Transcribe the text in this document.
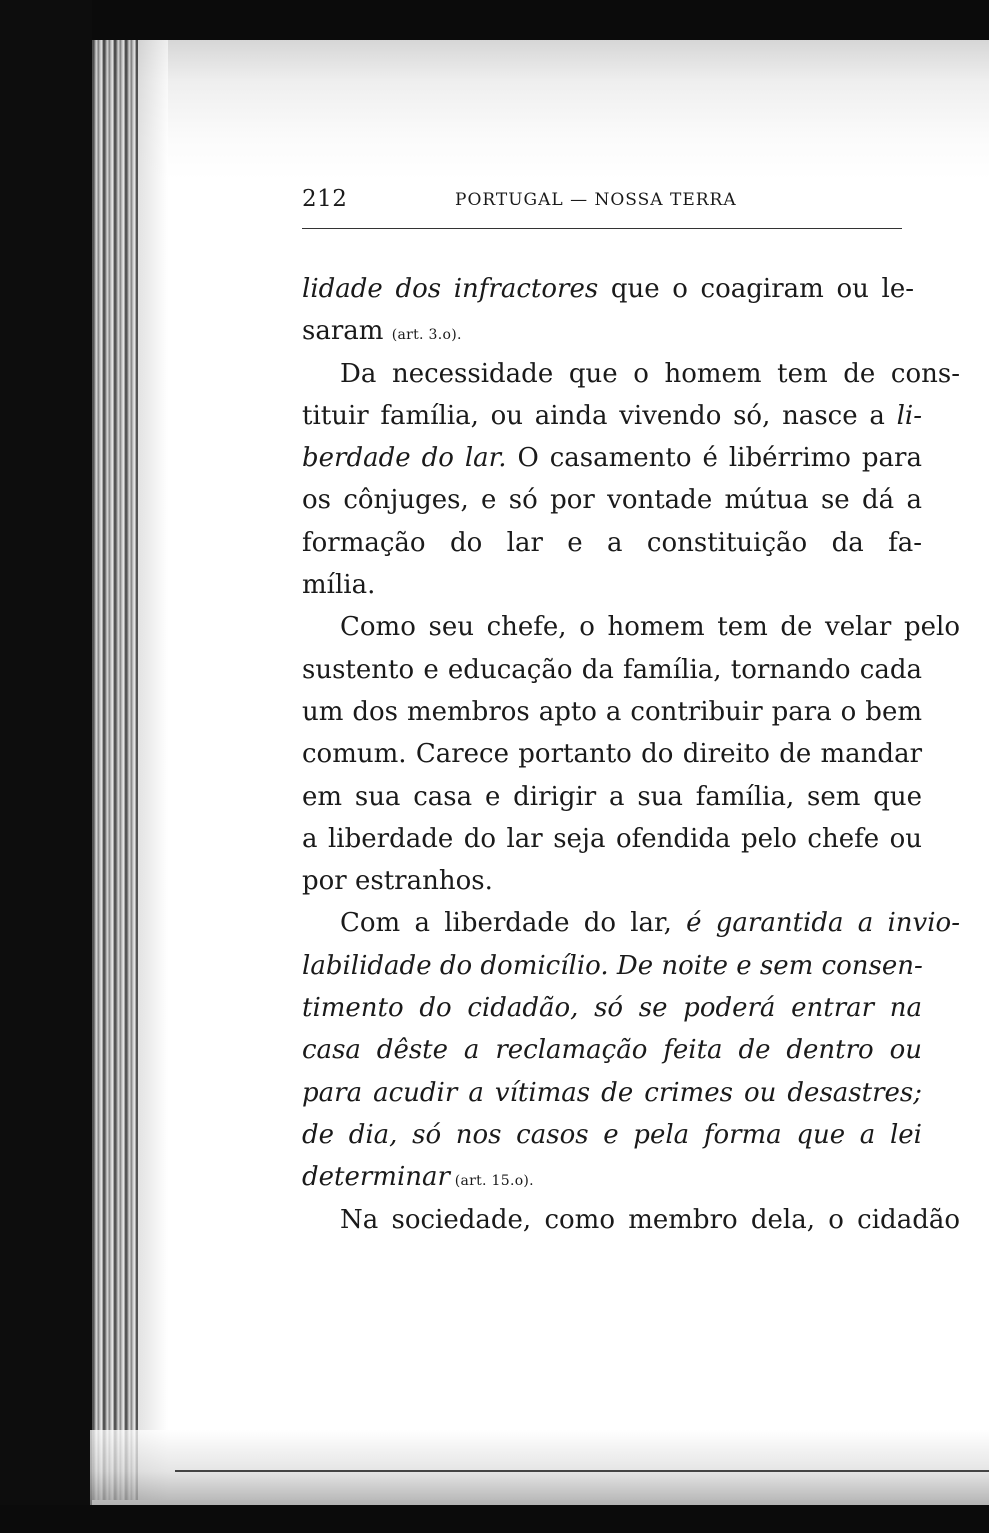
212	PORTUGAL — NOSSA TERRA
lidade dos infractores que o coagiram ou le-
saram (art. 3.o).
Da necessidade que o homem tem de cons-
tituir família, ou ainda vivendo só, nasce a li-
berdade do lar. O casamento é libérrimo para
os cônjuges, e só por vontade mútua se dá a
formação do lar e a constituição da fa-
mília.
Como seu chefe, o homem tem de velar pelo
sustento e educação da família, tornando cada
um dos membros apto a contribuir para o bem
comum. Carece portanto do direito de mandar
em sua casa e dirigir a sua família, sem que
a liberdade do lar seja ofendida pelo chefe ou
por estranhos.
Com a liberdade do lar, é garantida a invio-
labilidade do domicílio. De noite e sem consen-
timento do cidadão, só se poderá entrar na
casa dêste a reclamação feita de dentro ou
para acudir a vítimas de crimes ou desastres;
de dia, só nos casos e pela forma que a lei
determinar (art. 15.o).
Na sociedade, como membro dela, o cidadão
